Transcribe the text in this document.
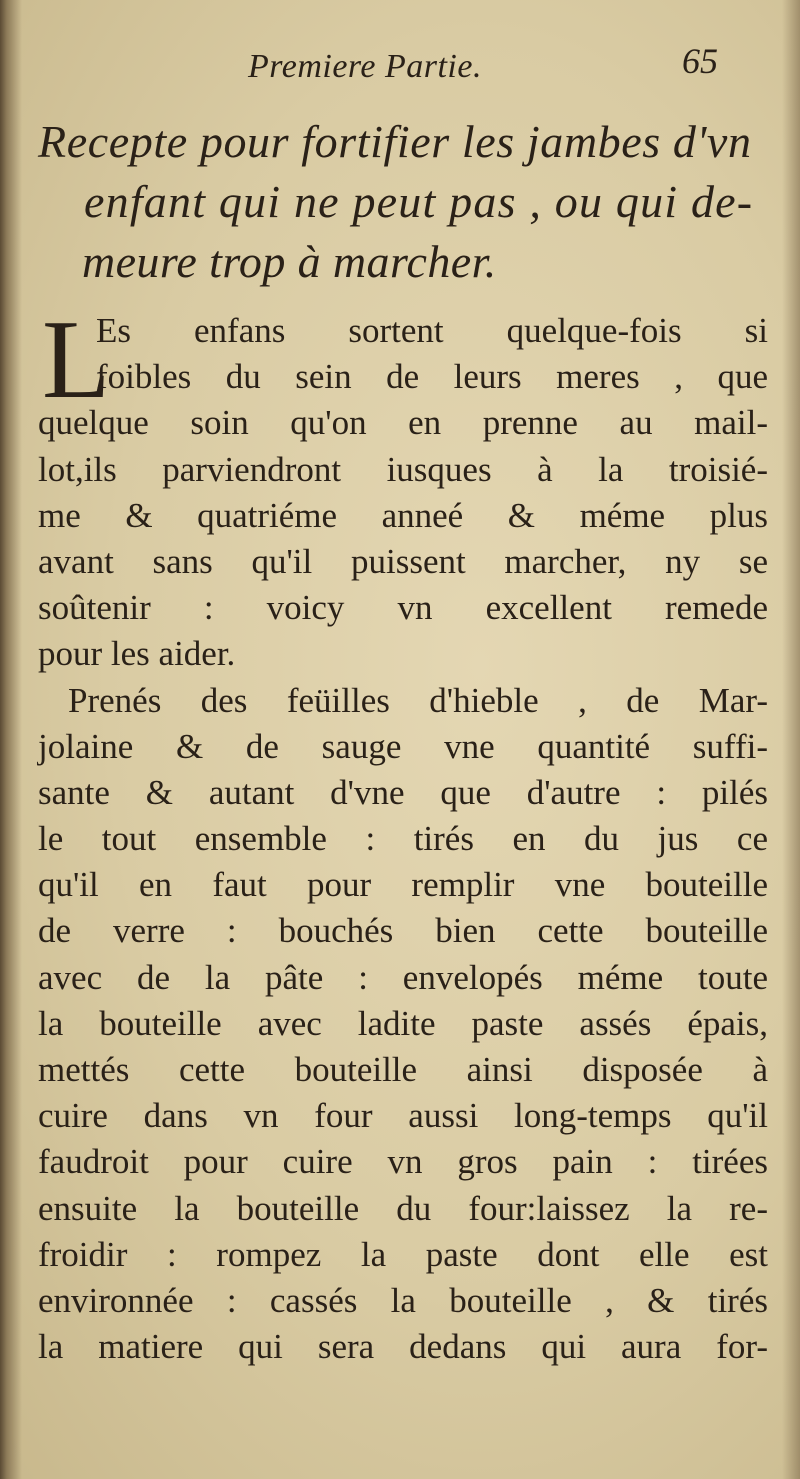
Premiere Partie.	65
Recepte pour fortifier les jambes d'vn
enfant qui ne peut pas , ou qui de-
meure trop à marcher.
L
Es enfans sortent quelque-fois si
foibles du sein de leurs meres , que
quelque soin qu'on en prenne au mail-
lot,ils parviendront iusques à la troisié-
me & quatriéme anneé & méme plus
avant sans qu'il puissent marcher, ny se
soûtenir : voicy vn excellent remede
pour les aider.
Prenés des feüilles d'hieble , de Mar-
jolaine & de sauge vne quantité suffi-
sante & autant d'vne que d'autre : pilés
le tout ensemble : tirés en du jus ce
qu'il en faut pour remplir vne bouteille
de verre : bouchés bien cette bouteille
avec de la pâte : envelopés méme toute
la bouteille avec ladite paste assés épais,
mettés cette bouteille ainsi disposée à
cuire dans vn four aussi long-temps qu'il
faudroit pour cuire vn gros pain : tirées
ensuite la bouteille du four:laissez la re-
froidir : rompez la paste dont elle est
environnée : cassés la bouteille , & tirés
la matiere qui sera dedans qui aura for-
